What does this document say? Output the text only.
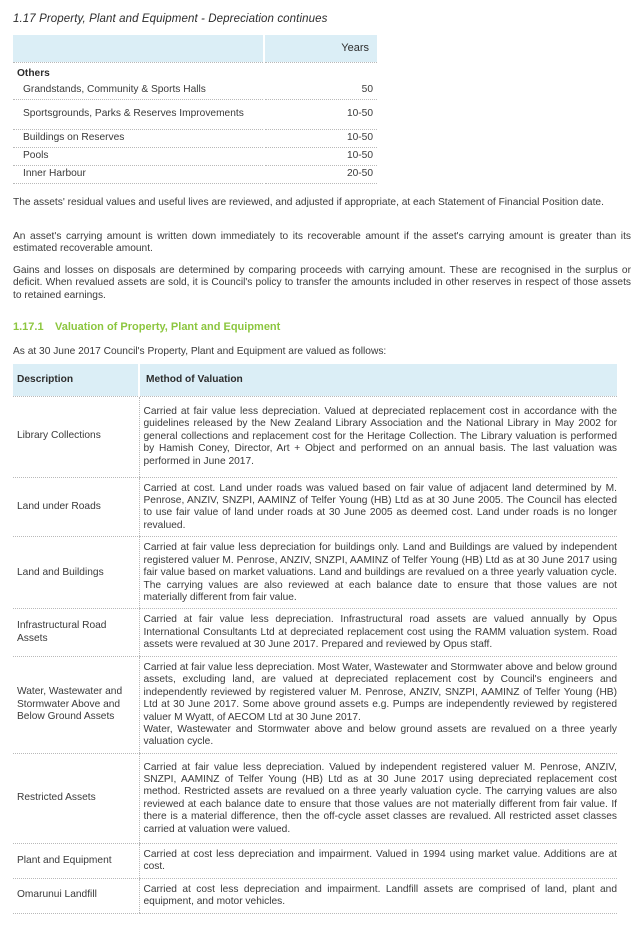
1.17 Property, Plant and Equipment - Depreciation continues
	Years
Others	
Grandstands, Community & Sports Halls	50
Sportsgrounds, Parks & Reserves Improvements	10-50
Buildings on Reserves	10-50
Pools	10-50
Inner Harbour	20-50

The assets' residual values and useful lives are reviewed, and adjusted if appropriate, at each Statement of Financial Position date.

An asset's carrying amount is written down immediately to its recoverable amount if the asset's carrying amount is greater than its estimated recoverable amount.

Gains and losses on disposals are determined by comparing proceeds with carrying amount. These are recognised in the surplus or deficit. When revalued assets are sold, it is Council's policy to transfer the amounts included in other reserves in respect of those assets to retained earnings.

1.17.1 Valuation of Property, Plant and Equipment

As at 30 June 2017 Council's Property, Plant and Equipment are valued as follows:

Description	Method of Valuation
Library Collections	Carried at fair value less depreciation. Valued at depreciated replacement cost in accordance with the guidelines released by the New Zealand Library Association and the National Library in May 2002 for general collections and replacement cost for the Heritage Collection. The Library valuation is performed by Hamish Coney, Director, Art + Object and performed on an annual basis. The last valuation was performed in June 2017.
Land under Roads	Carried at cost. Land under roads was valued based on fair value of adjacent land determined by M. Penrose, ANZIV, SNZPI, AAMINZ of Telfer Young (HB) Ltd as at 30 June 2005. The Council has elected to use fair value of land under roads at 30 June 2005 as deemed cost. Land under roads is no longer revalued.
Land and Buildings	Carried at fair value less depreciation for buildings only. Land and Buildings are valued by independent registered valuer M. Penrose, ANZIV, SNZPI, AAMINZ of Telfer Young (HB) Ltd as at 30 June 2017 using fair value based on market valuations. Land and buildings are revalued on a three yearly valuation cycle. The carrying values are also reviewed at each balance date to ensure that those values are not materially different from fair value.
Infrastructural Road Assets	Carried at fair value less depreciation. Infrastructural road assets are valued annually by Opus International Consultants Ltd at depreciated replacement cost using the RAMM valuation system. Road assets were revalued at 30 June 2017. Prepared and reviewed by Opus staff.
Water, Wastewater and Stormwater Above and Below Ground Assets	Carried at fair value less depreciation. Most Water, Wastewater and Stormwater above and below ground assets, excluding land, are valued at depreciated replacement cost by Council's engineers and independently reviewed by registered valuer M. Penrose, ANZIV, SNZPI, AAMINZ of Telfer Young (HB) Ltd at 30 June 2017. Some above ground assets e.g. Pumps are independently reviewed by registered valuer M Wyatt, of AECOM Ltd at 30 June 2017.
Water, Wastewater and Stormwater above and below ground assets are revalued on a three yearly valuation cycle.
Restricted Assets	Carried at fair value less depreciation. Valued by independent registered valuer M. Penrose, ANZIV, SNZPI, AAMINZ of Telfer Young (HB) Ltd as at 30 June 2017 using depreciated replacement cost method. Restricted assets are revalued on a three yearly valuation cycle. The carrying values are also reviewed at each balance date to ensure that those values are not materially different from fair value. If there is a material difference, then the off-cycle asset classes are revalued. All restricted asset classes carried at valuation were valued.
Plant and Equipment	Carried at cost less depreciation and impairment. Valued in 1994 using market value. Additions are at cost.
Omarunui Landfill	Carried at cost less depreciation and impairment. Landfill assets are comprised of land, plant and equipment, and motor vehicles.
